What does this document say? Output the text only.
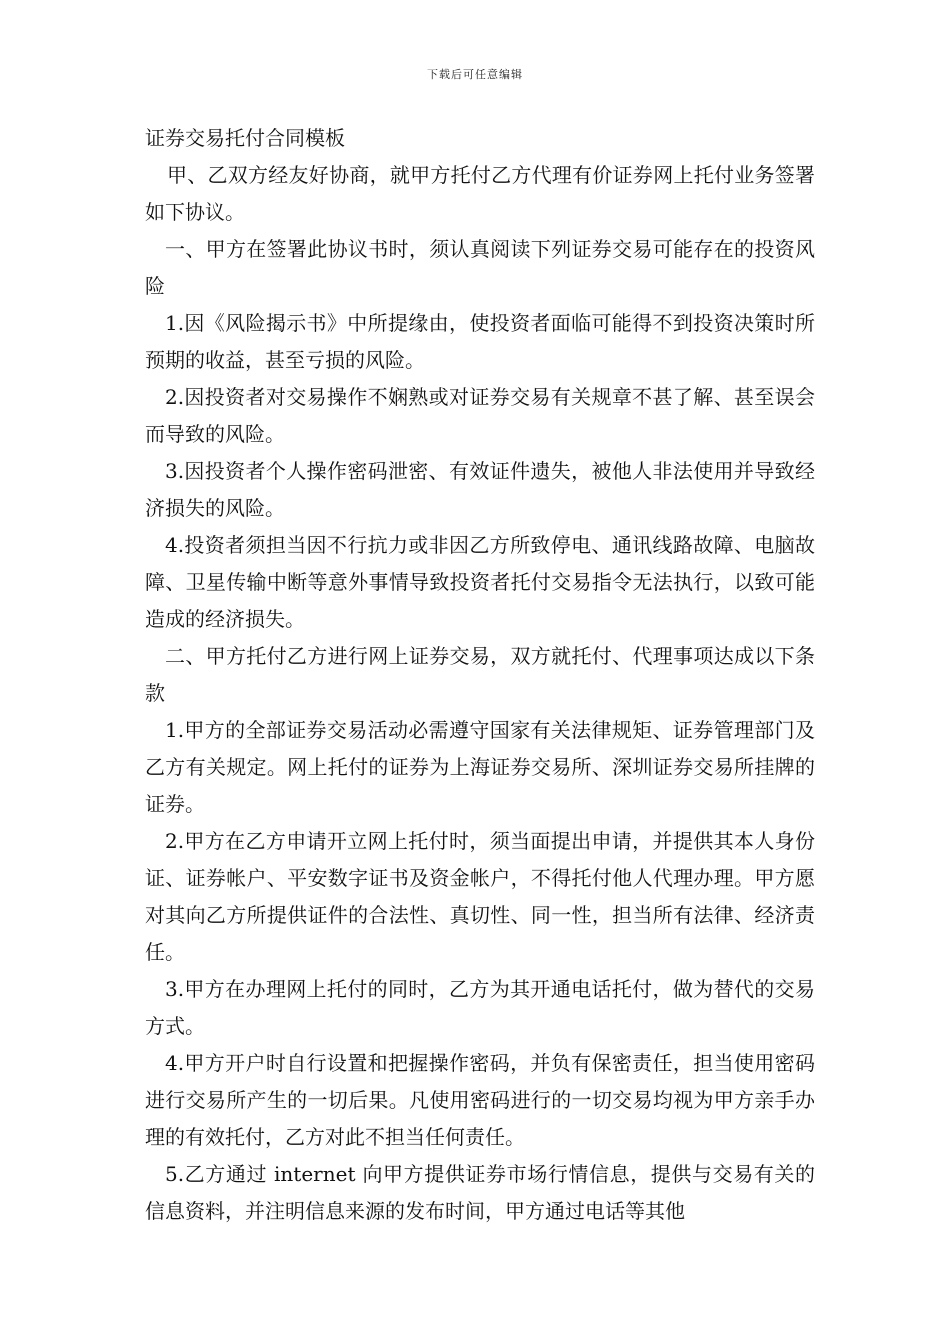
下载后可任意编辑

证券交易托付合同模板

甲、乙双方经友好协商，就甲方托付乙方代理有价证券网上托付业务签署如下协议。

一、甲方在签署此协议书时，须认真阅读下列证券交易可能存在的投资风险

1.因《风险揭示书》中所提缘由，使投资者面临可能得不到投资决策时所预期的收益，甚至亏损的风险。

2.因投资者对交易操作不娴熟或对证券交易有关规章不甚了解、甚至误会而导致的风险。

3.因投资者个人操作密码泄密、有效证件遗失，被他人非法使用并导致经济损失的风险。

4.投资者须担当因不行抗力或非因乙方所致停电、通讯线路故障、电脑故障、卫星传输中断等意外事情导致投资者托付交易指令无法执行，以致可能造成的经济损失。

二、甲方托付乙方进行网上证券交易，双方就托付、代理事项达成以下条款

1.甲方的全部证券交易活动必需遵守国家有关法律规矩、证券管理部门及乙方有关规定。网上托付的证券为上海证券交易所、深圳证券交易所挂牌的证券。

2.甲方在乙方申请开立网上托付时，须当面提出申请，并提供其本人身份证、证券帐户、平安数字证书及资金帐户，不得托付他人代理办理。甲方愿对其向乙方所提供证件的合法性、真切性、同一性，担当所有法律、经济责任。

3.甲方在办理网上托付的同时，乙方为其开通电话托付，做为替代的交易方式。

4.甲方开户时自行设置和把握操作密码，并负有保密责任，担当使用密码进行交易所产生的一切后果。凡使用密码进行的一切交易均视为甲方亲手办理的有效托付，乙方对此不担当任何责任。

5.乙方通过 internet 向甲方提供证券市场行情信息，提供与交易有关的信息资料，并注明信息来源的发布时间，甲方通过电话等其他
